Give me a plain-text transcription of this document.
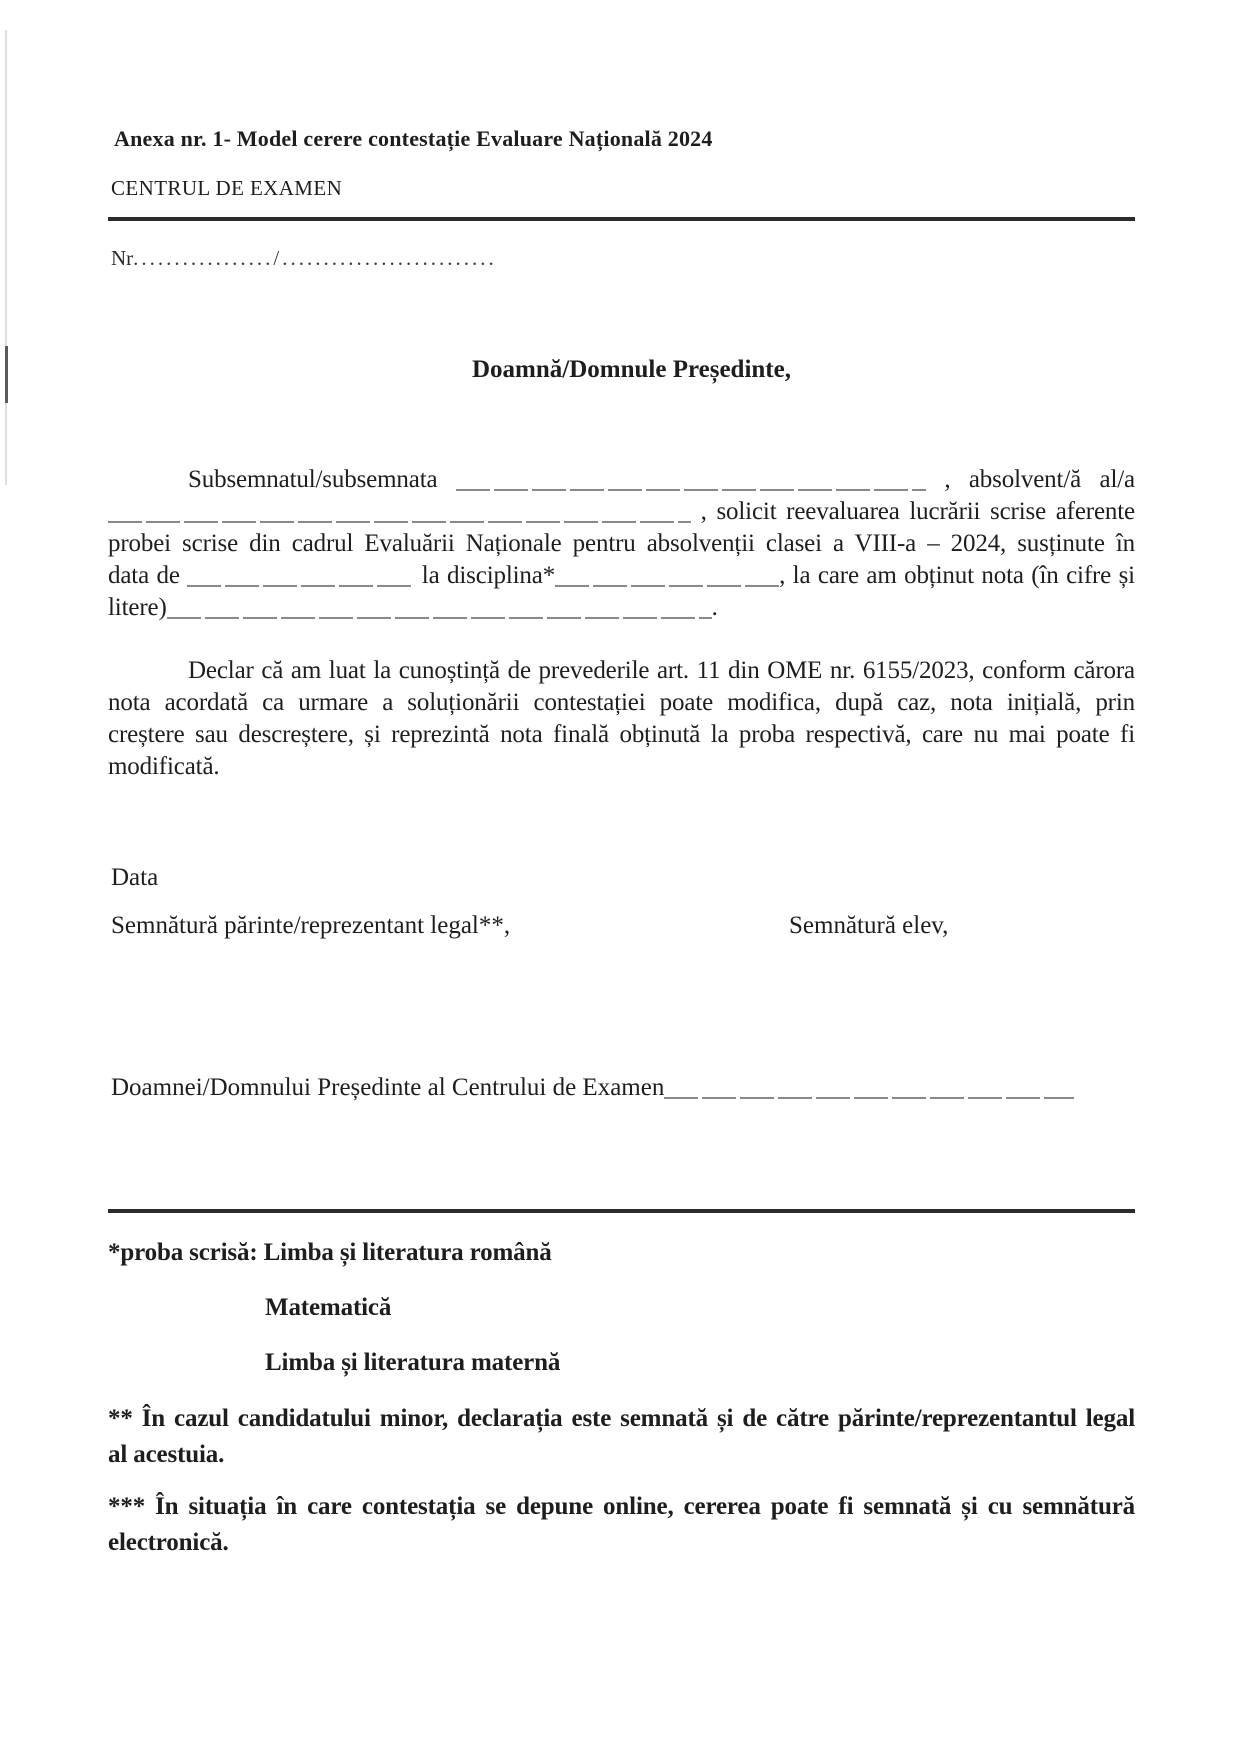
Anexa nr. 1- Model cerere contestație Evaluare Națională 2024
CENTRUL DE EXAMEN
Nr................./..........................
Doamnă/Domnule Președinte,
Subsemnatul/subsemnata	, absolvent/ă al/a
, solicit reevaluarea lucrării scrise aferente
probei scrise din cadrul Evaluării Naționale pentru absolvenții clasei a VIII-a – 2024, susținute în
data de	la disciplina*	, la care am obținut nota (în cifre și
litere)	.
Declar că am luat la cunoștință de prevederile art. 11 din OME nr. 6155/2023, conform cărora
nota acordată ca urmare a soluționării contestației poate modifica, după caz, nota inițială, prin
creștere sau descreștere, și reprezintă nota finală obținută la proba respectivă, care nu mai poate fi
modificată.
Data
Semnătură părinte/reprezentant legal**,	Semnătură elev,
Doamnei/Domnului Președinte al Centrului de Examen
*proba scrisă: Limba și literatura română
Matematică
Limba și literatura maternă
** În cazul candidatului minor, declarația este semnată și de către părinte/reprezentantul legal
al acestuia.
*** În situația în care contestația se depune online, cererea poate fi semnată și cu semnătură
electronică.
